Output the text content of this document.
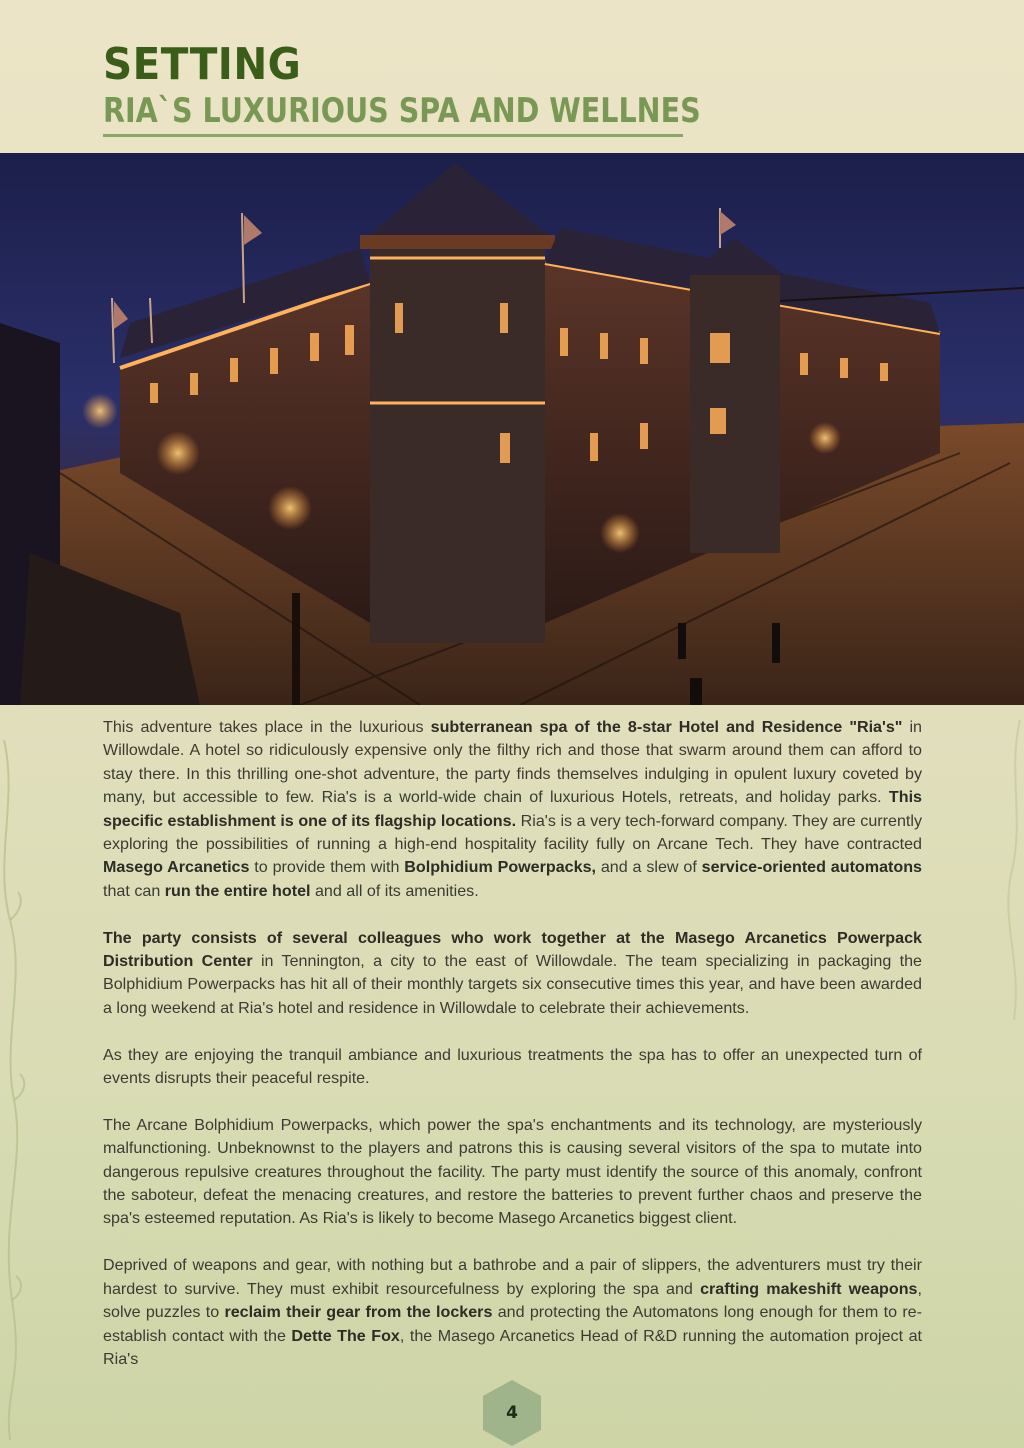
SETTING
RIA`S LUXURIOUS SPA AND WELLNES

This adventure takes place in the luxurious subterranean spa of the 8-star Hotel and Residence "Ria's" in Willowdale. A hotel so ridiculously expensive only the filthy rich and those that swarm around them can afford to stay there. In this thrilling one-shot adventure, the party finds themselves indulging in opulent luxury coveted by many, but accessible to few. Ria's is a world-wide chain of luxurious Hotels, retreats, and holiday parks. This specific establishment is one of its flagship locations. Ria's is a very tech-forward company. They are currently exploring the possibilities of running a high-end hospitality facility fully on Arcane Tech. They have contracted Masego Arcanetics to provide them with Bolphidium Powerpacks, and a slew of service-oriented automatons that can run the entire hotel and all of its amenities.

The party consists of several colleagues who work together at the Masego Arcanetics Powerpack Distribution Center in Tennington, a city to the east of Willowdale. The team specializing in packaging the Bolphidium Powerpacks has hit all of their monthly targets six consecutive times this year, and have been awarded a long weekend at Ria's hotel and residence in Willowdale to celebrate their achievements.

As they are enjoying the tranquil ambiance and luxurious treatments the spa has to offer an unexpected turn of events disrupts their peaceful respite.

The Arcane Bolphidium Powerpacks, which power the spa's enchantments and its technology, are mysteriously malfunctioning. Unbeknownst to the players and patrons this is causing several visitors of the spa to mutate into dangerous repulsive creatures throughout the facility. The party must identify the source of this anomaly, confront the saboteur, defeat the menacing creatures, and restore the batteries to prevent further chaos and preserve the spa's esteemed reputation. As Ria's is likely to become Masego Arcanetics biggest client.

Deprived of weapons and gear, with nothing but a bathrobe and a pair of slippers, the adventurers must try their hardest to survive. They must exhibit resourcefulness by exploring the spa and crafting makeshift weapons, solve puzzles to reclaim their gear from the lockers and protecting the Automatons long enough for them to re-establish contact with the Dette The Fox, the Masego Arcanetics Head of R&D running the automation project at Ria's

4
